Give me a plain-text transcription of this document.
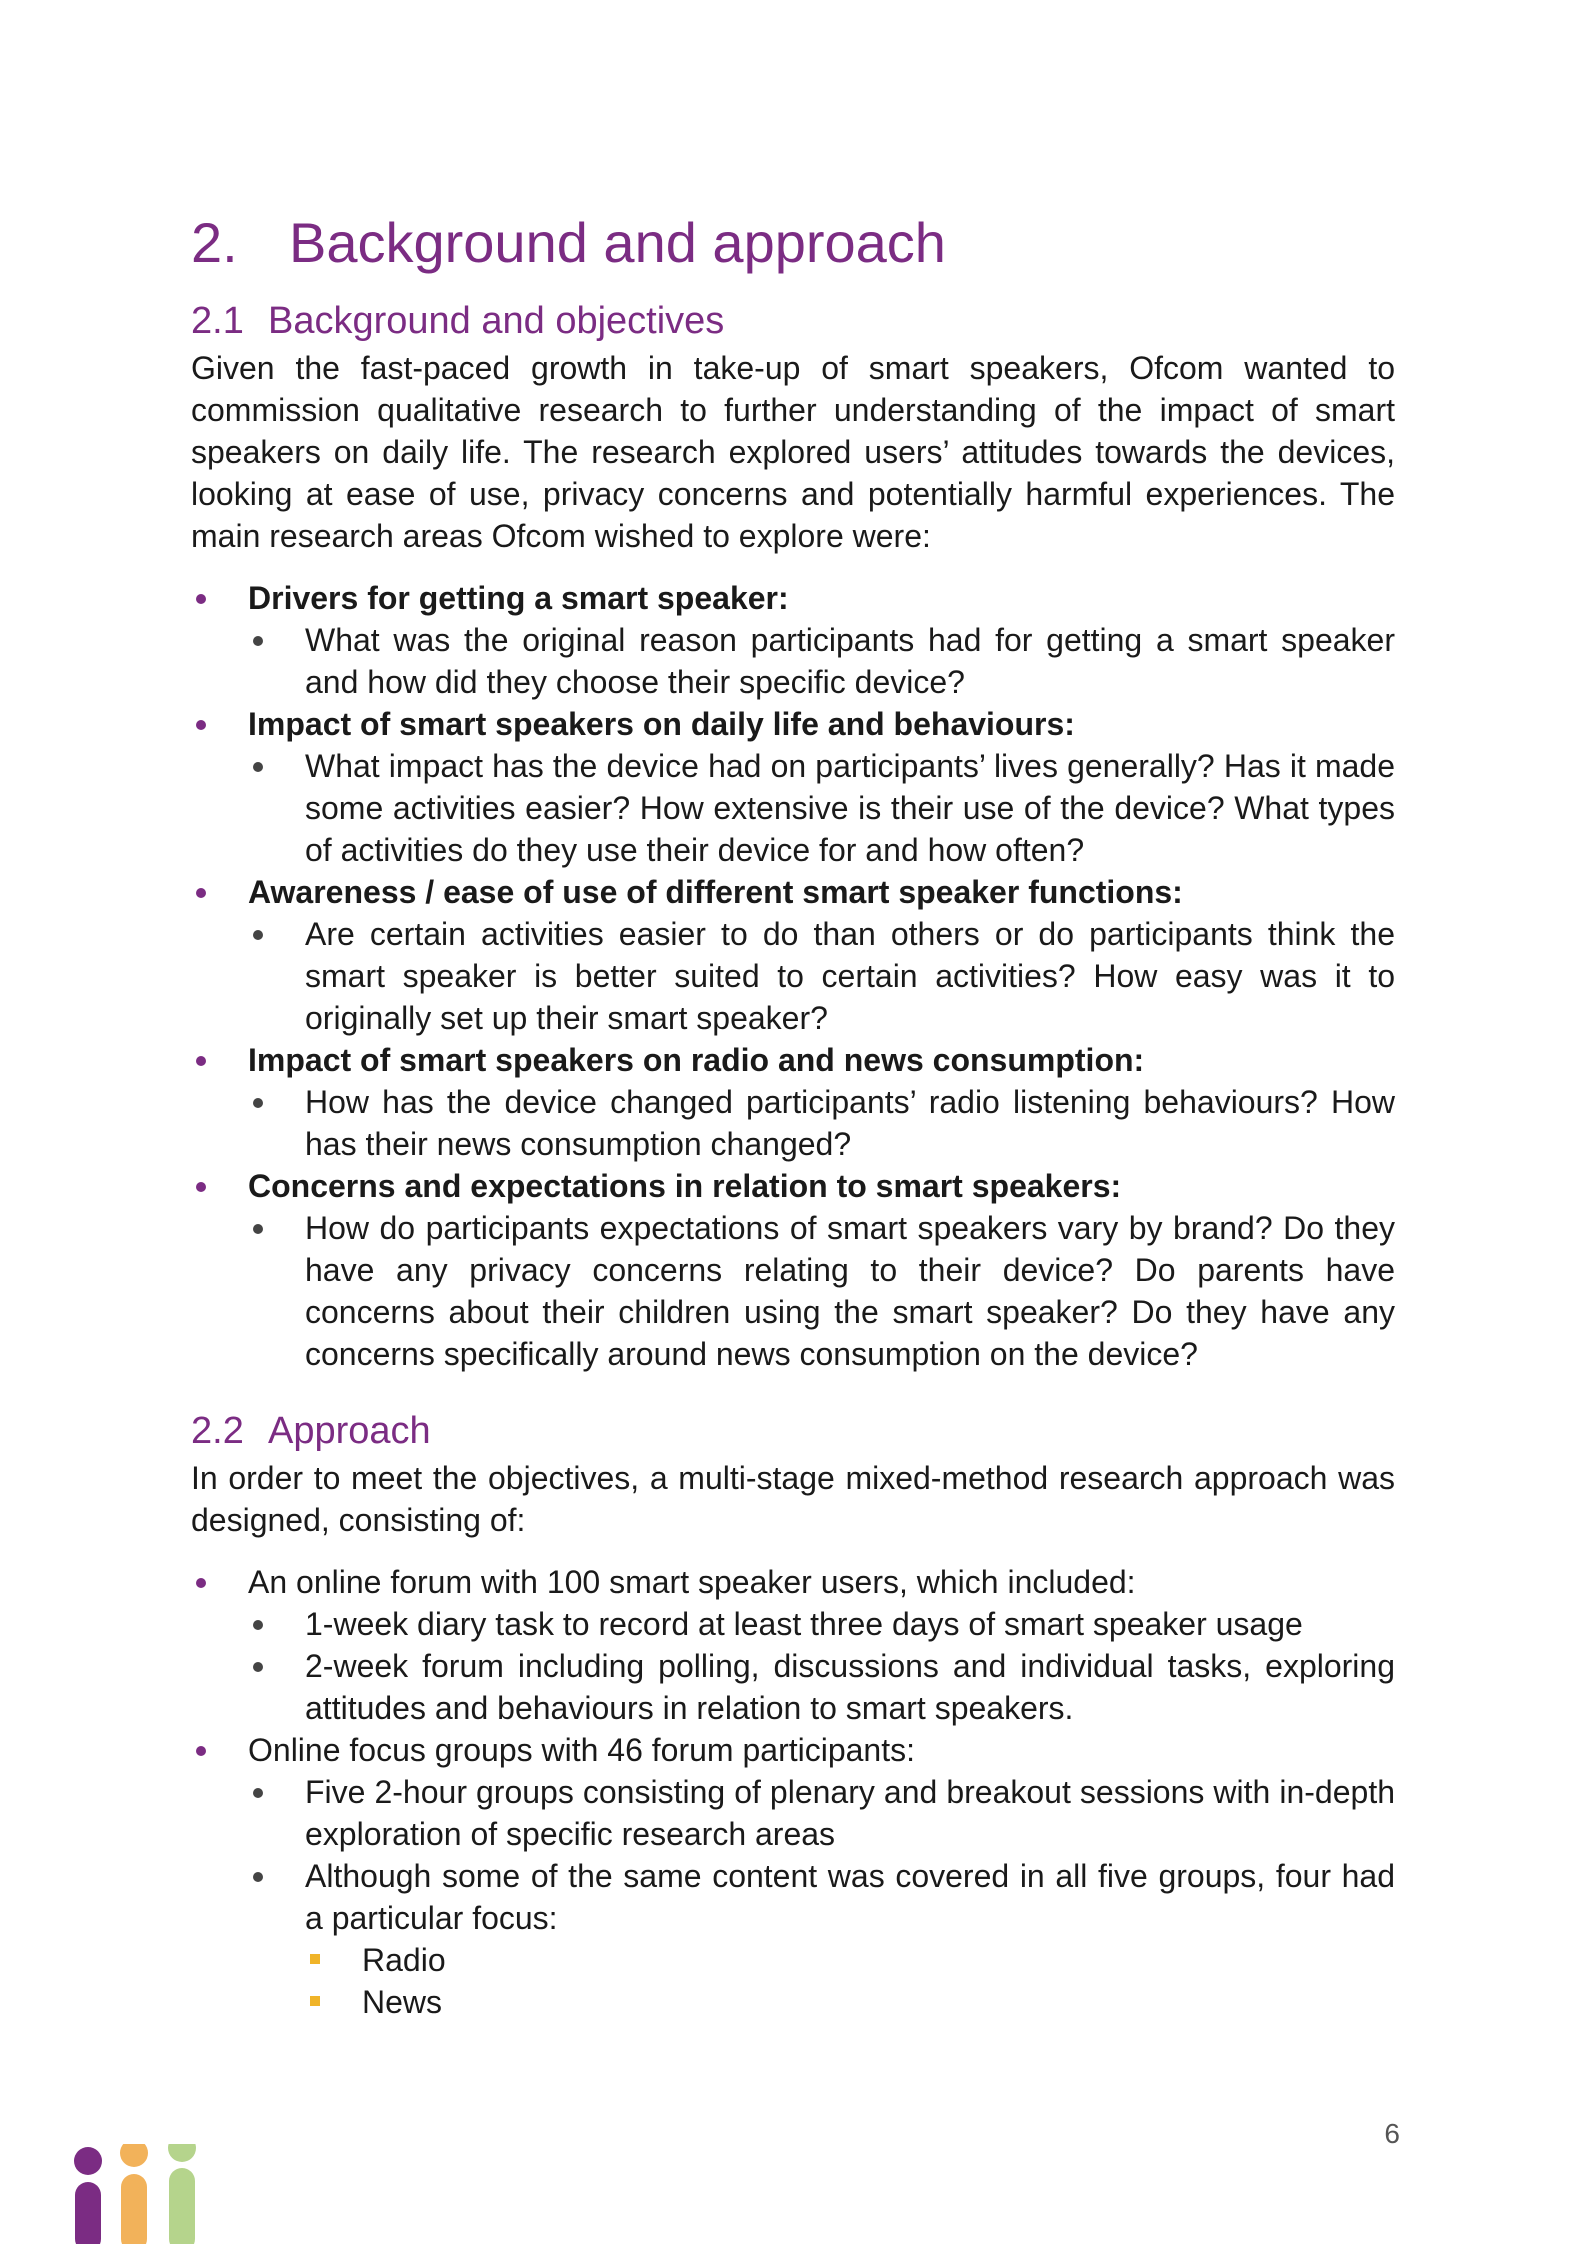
2. Background and approach
2.1 Background and objectives

Given the fast-paced growth in take-up of smart speakers, Ofcom wanted to commission qualitative research to further understanding of the impact of smart speakers on daily life. The research explored users’ attitudes towards the devices, looking at ease of use, privacy concerns and potentially harmful experiences. The main research areas Ofcom wished to explore were:

Drivers for getting a smart speaker:
What was the original reason participants had for getting a smart speaker and how did they choose their specific device?
Impact of smart speakers on daily life and behaviours:
What impact has the device had on participants’ lives generally? Has it made some activities easier? How extensive is their use of the device? What types of activities do they use their device for and how often?
Awareness / ease of use of different smart speaker functions:
Are certain activities easier to do than others or do participants think the smart speaker is better suited to certain activities? How easy was it to originally set up their smart speaker?
Impact of smart speakers on radio and news consumption:
How has the device changed participants’ radio listening behaviours? How has their news consumption changed?
Concerns and expectations in relation to smart speakers:
How do participants expectations of smart speakers vary by brand? Do they have any privacy concerns relating to their device? Do parents have concerns about their children using the smart speaker? Do they have any concerns specifically around news consumption on the device?
2.2 Approach

In order to meet the objectives, a multi-stage mixed-method research approach was designed, consisting of:

An online forum with 100 smart speaker users, which included:
1-week diary task to record at least three days of smart speaker usage
2-week forum including polling, discussions and individual tasks, exploring attitudes and behaviours in relation to smart speakers.
Online focus groups with 46 forum participants:
Five 2-hour groups consisting of plenary and breakout sessions with in-depth exploration of specific research areas
Although some of the same content was covered in all five groups, four had a particular focus:
Radio
News
6
